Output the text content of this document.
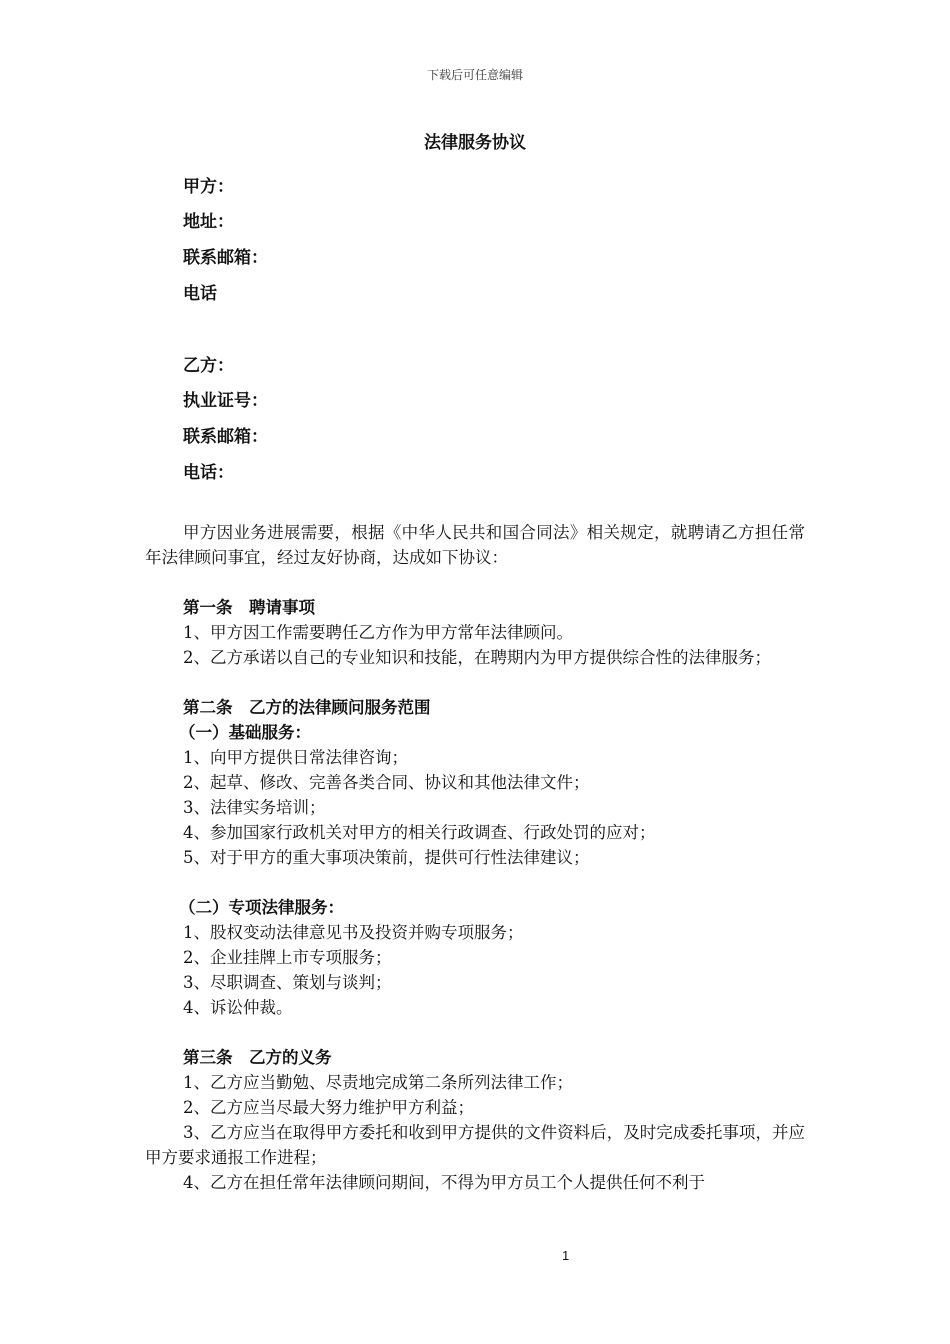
下载后可任意编辑
法律服务协议
甲方：
地址：
联系邮箱：
电话
乙方：
执业证号：
联系邮箱：
电话：

甲方因业务进展需要，根据《中华人民共和国合同法》相关规定，就聘请乙方担任常年法律顾问事宜，经过友好协商，达成如下协议：

第一条　聘请事项

1、甲方因工作需要聘任乙方作为甲方常年法律顾问。

2、乙方承诺以自己的专业知识和技能，在聘期内为甲方提供综合性的法律服务；

第二条　乙方的法律顾问服务范围

（一）基础服务：

1、向甲方提供日常法律咨询；

2、起草、修改、完善各类合同、协议和其他法律文件；

3、法律实务培训；

4、参加国家行政机关对甲方的相关行政调查、行政处罚的应对；

5、对于甲方的重大事项决策前，提供可行性法律建议；

（二）专项法律服务：

1、股权变动法律意见书及投资并购专项服务；

2、企业挂牌上市专项服务；

3、尽职调查、策划与谈判；

4、诉讼仲裁。

第三条　乙方的义务

1、乙方应当勤勉、尽责地完成第二条所列法律工作；

2、乙方应当尽最大努力维护甲方利益；

3、乙方应当在取得甲方委托和收到甲方提供的文件资料后，及时完成委托事项，并应甲方要求通报工作进程；

4、乙方在担任常年法律顾问期间，不得为甲方员工个人提供任何不利于

1
